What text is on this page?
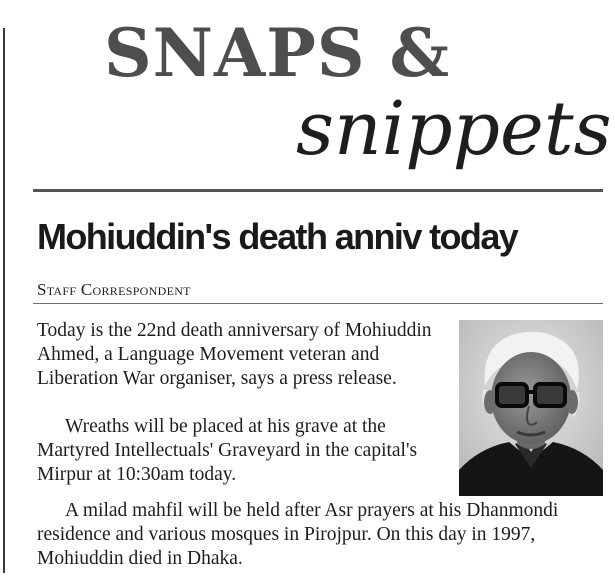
SNAPS &
snippets
Mohiuddin's death anniv today
Staff Correspondent

Today is the 22nd death anniversary of Mohiuddin Ahmed, a Language Movement veteran and Liberation War organiser, says a press release.

Wreaths will be placed at his grave at the Martyred Intellectuals' Graveyard in the capital's Mirpur at 10:30am today.

A milad mahfil will be held after Asr prayers at his Dhanmondi residence and various mosques in Pirojpur. On this day in 1997, Mohiuddin died in Dhaka.
